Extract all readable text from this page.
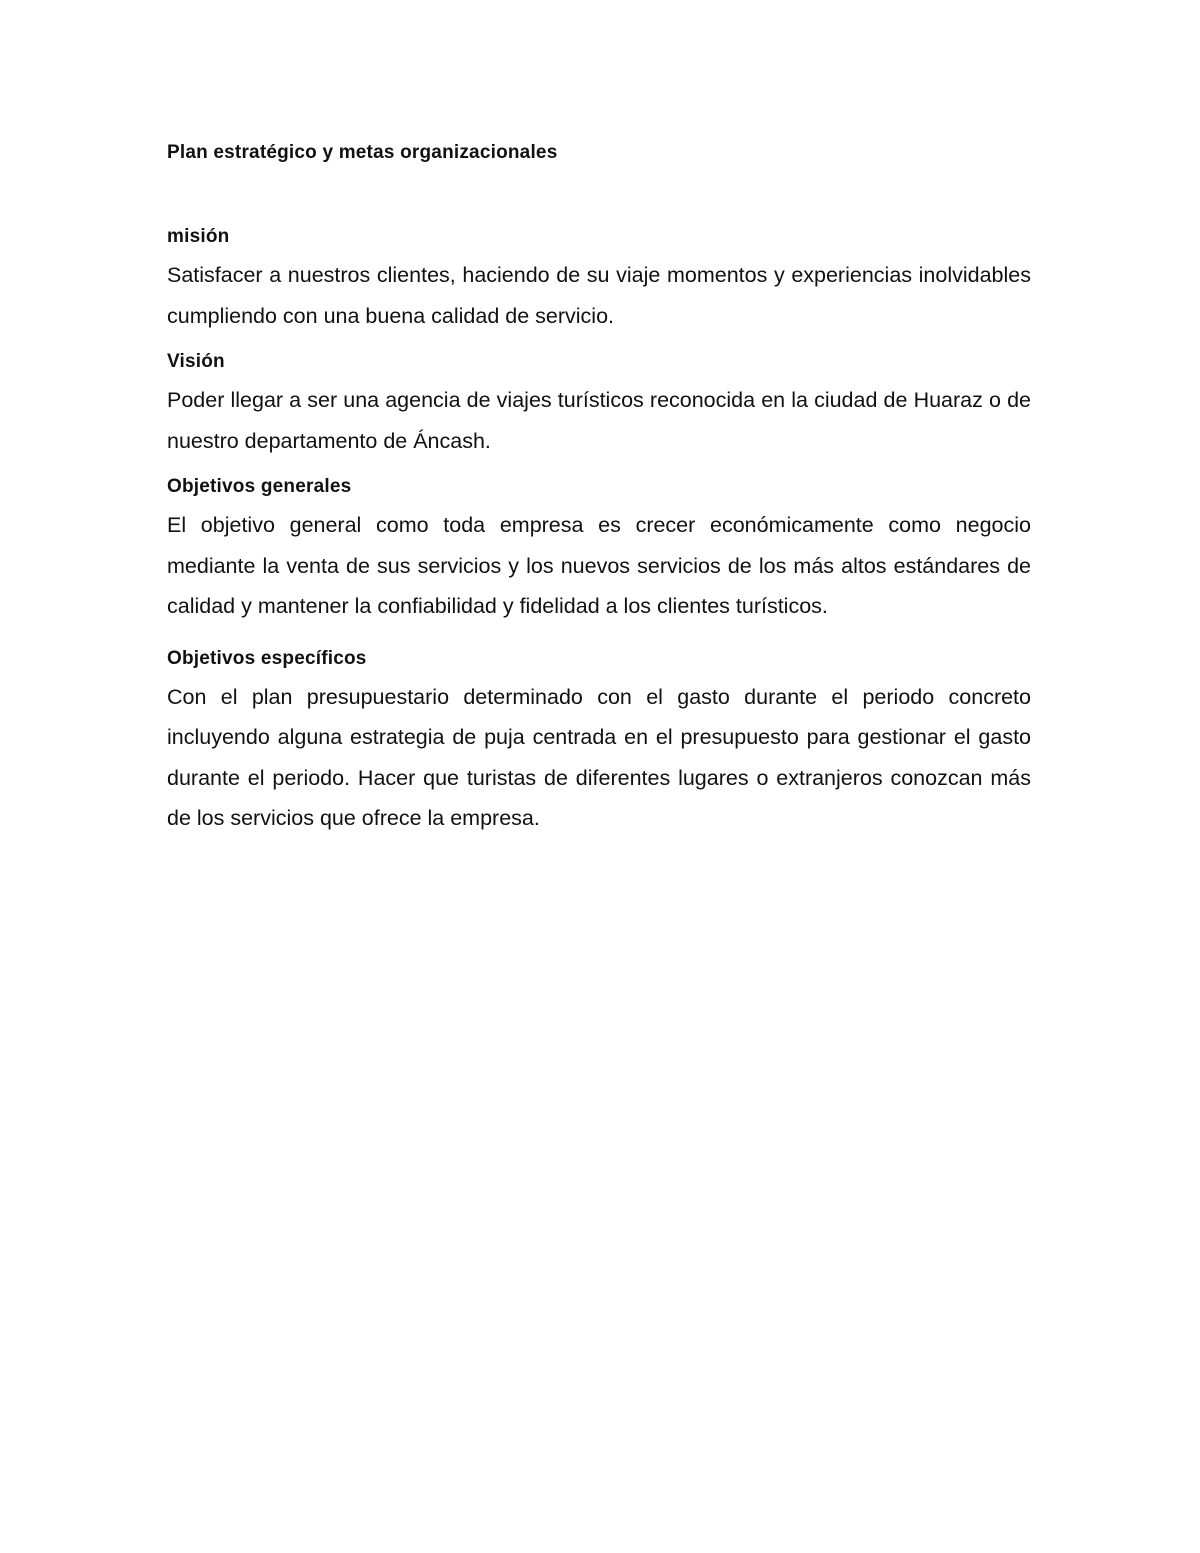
Plan estratégico y metas organizacionales
misión
Satisfacer a nuestros clientes, haciendo de su viaje momentos y experiencias inolvidables cumpliendo con una buena calidad de servicio.
Visión
Poder llegar a ser una agencia de viajes turísticos reconocida en la ciudad de Huaraz o de nuestro departamento de Áncash.
Objetivos generales
El objetivo general como toda empresa es crecer económicamente como negocio mediante la venta de sus servicios y los nuevos servicios de los más altos estándares de calidad y mantener la confiabilidad y fidelidad a los clientes turísticos.
Objetivos específicos
Con el plan presupuestario determinado con el gasto durante el periodo concreto incluyendo alguna estrategia de puja centrada en el presupuesto para gestionar el gasto durante el periodo. Hacer que turistas de diferentes lugares o extranjeros conozcan más de los servicios que ofrece la empresa.
